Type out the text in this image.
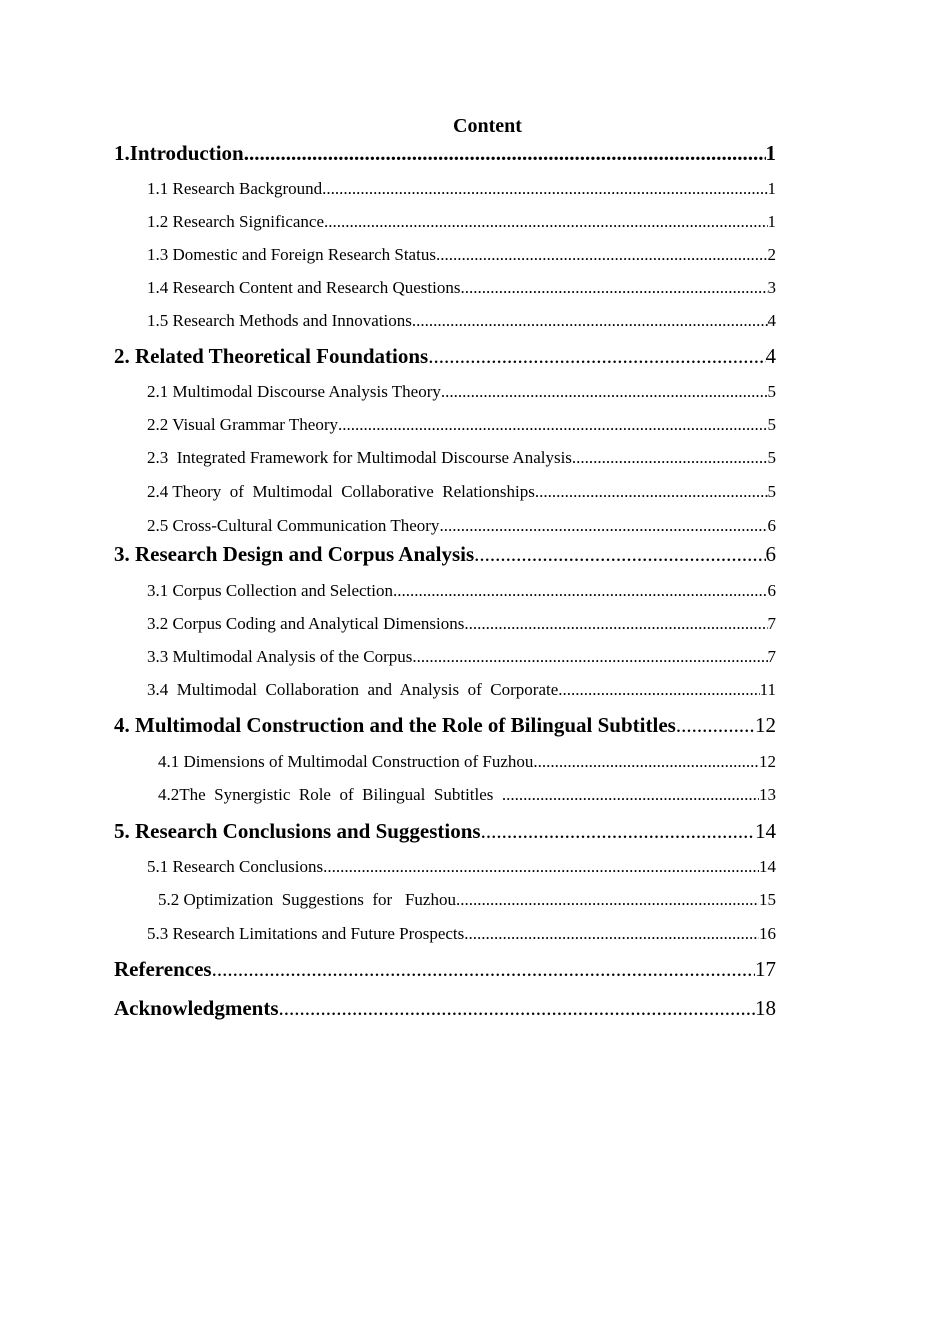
Content
1.Introduction .....	1
1.1 Research Background .....	1
1.2 Research Significance .....	1
1.3 Domestic and Foreign Research Status .....	2
1.4 Research Content and Research Questions .....	3
1.5 Research Methods and Innovations .....	4
2. Related Theoretical Foundations .....	4
2.1 Multimodal Discourse Analysis Theory .....	5
2.2 Visual Grammar Theory .....	5
2.3  Integrated Framework for Multimodal Discourse Analysis .....	5
2.4 Theory  of  Multimodal  Collaborative  Relationships .....	5
2.5 Cross-Cultural Communication Theory .....	6
3. Research Design and Corpus Analysis .....	6
3.1 Corpus Collection and Selection .....	6
3.2 Corpus Coding and Analytical Dimensions .....	7
3.3 Multimodal Analysis of the Corpus .....	7
3.4  Multimodal  Collaboration  and  Analysis  of  Corporate .....	11
4. Multimodal Construction and the Role of Bilingual Subtitles .....	12
4.1 Dimensions of Multimodal Construction of Fuzhou .....	12
4.2The  Synergistic  Role  of  Bilingual  Subtitles .....	13
5. Research Conclusions and Suggestions .....	14
5.1 Research Conclusions .....	14
5.2 Optimization  Suggestions  for   Fuzhou .....	15
5.3 Research Limitations and Future Prospects .....	16
References .....	17
Acknowledgments .....	18
